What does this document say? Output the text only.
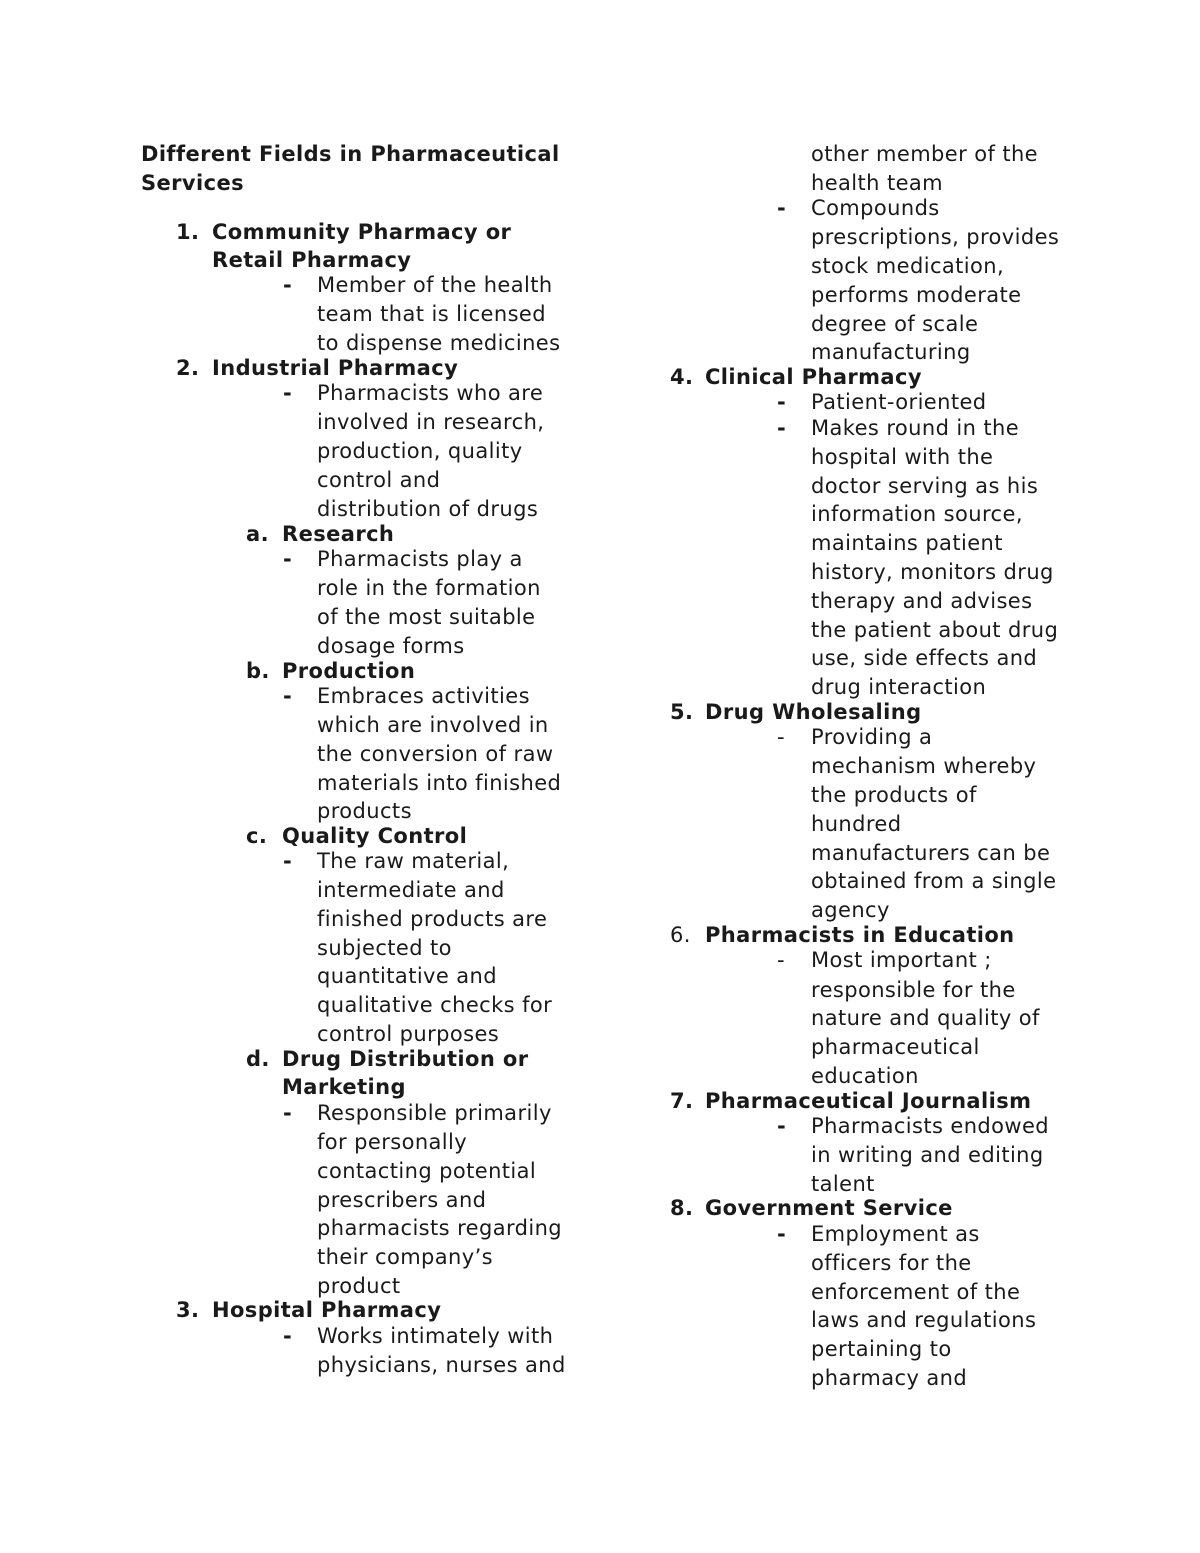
Different Fields in Pharmaceutical
Services
1. Community Pharmacy or
Retail Pharmacy
- Member of the health
team that is licensed
to dispense medicines
2. Industrial Pharmacy
- Pharmacists who are
involved in research,
production, quality
control and
distribution of drugs
a. Research
- Pharmacists play a
role in the formation
of the most suitable
dosage forms
b. Production
- Embraces activities
which are involved in
the conversion of raw
materials into finished
products
c. Quality Control
- The raw material,
intermediate and
finished products are
subjected to
quantitative and
qualitative checks for
control purposes
d. Drug Distribution or
Marketing
- Responsible primarily
for personally
contacting potential
prescribers and
pharmacists regarding
their company’s
product
3. Hospital Pharmacy
- Works intimately with
physicians, nurses and
other member of the
health team
- Compounds
prescriptions, provides
stock medication,
performs moderate
degree of scale
manufacturing
4. Clinical Pharmacy
- Patient-oriented
- Makes round in the
hospital with the
doctor serving as his
information source,
maintains patient
history, monitors drug
therapy and advises
the patient about drug
use, side effects and
drug interaction
5. Drug Wholesaling
- Providing a
mechanism whereby
the products of
hundred
manufacturers can be
obtained from a single
agency
6. Pharmacists in Education
- Most important ;
responsible for the
nature and quality of
pharmaceutical
education
7. Pharmaceutical Journalism
- Pharmacists endowed
in writing and editing
talent
8. Government Service
- Employment as
officers for the
enforcement of the
laws and regulations
pertaining to
pharmacy and
